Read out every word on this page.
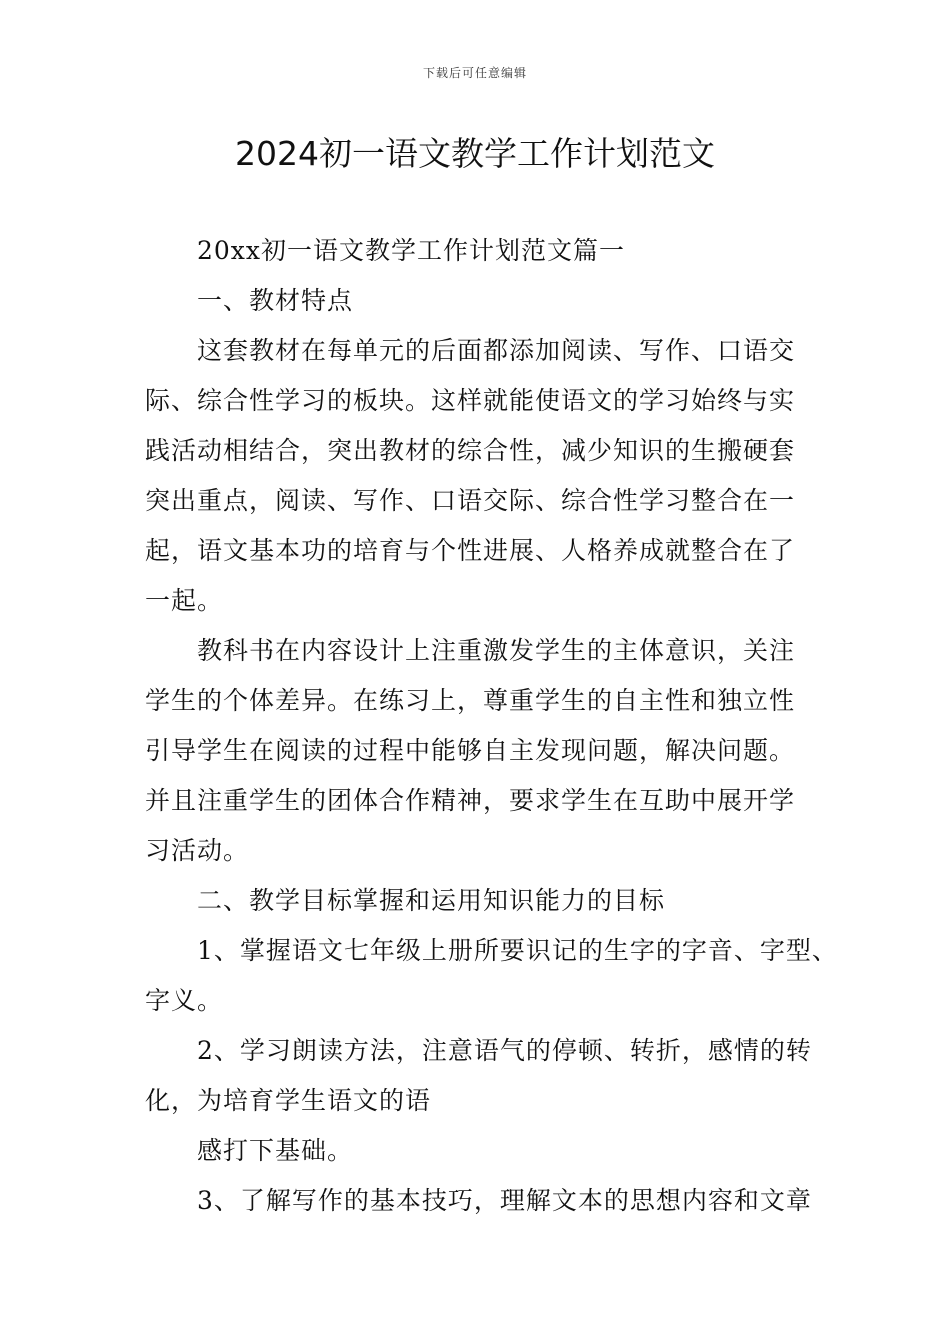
下载后可任意编辑
2024初一语文教学工作计划范文
20xx初一语文教学工作计划范文篇一
一、教材特点
这套教材在每单元的后面都添加阅读、写作、口语交
际、综合性学习的板块。这样就能使语文的学习始终与实
践活动相结合，突出教材的综合性，减少知识的生搬硬套
突出重点，阅读、写作、口语交际、综合性学习整合在一
起，语文基本功的培育与个性进展、人格养成就整合在了
一起。
教科书在内容设计上注重激发学生的主体意识，关注
学生的个体差异。在练习上，尊重学生的自主性和独立性
引导学生在阅读的过程中能够自主发现问题，解决问题。
并且注重学生的团体合作精神，要求学生在互助中展开学
习活动。
二、教学目标掌握和运用知识能力的目标
1、掌握语文七年级上册所要识记的生字的字音、字型、
字义。
2、学习朗读方法，注意语气的停顿、转折，感情的转
化，为培育学生语文的语
感打下基础。
3、了解写作的基本技巧，理解文本的思想内容和文章
